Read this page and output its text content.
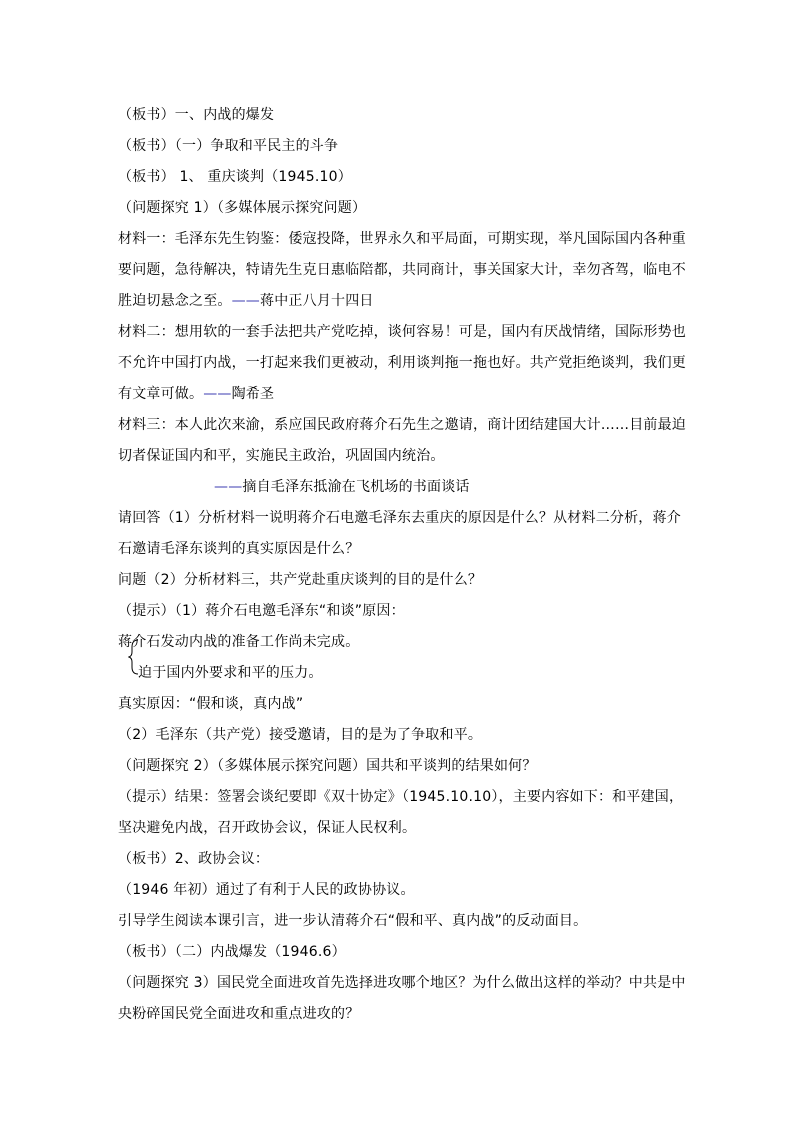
（板书）一、内战的爆发
（板书）（一）争取和平民主的斗争
（板书） 1、 重庆谈判（1945.10）
（问题探究 1）（多媒体展示探究问题）
材料一：毛泽东先生钧鉴：倭寇投降，世界永久和平局面，可期实现，举凡国际国内各种重
要问题，急待解决，特请先生克日惠临陪都，共同商计，事关国家大计，幸勿吝驾，临电不
胜迫切悬念之至。——蒋中正八月十四日
材料二：想用软的一套手法把共产党吃掉，谈何容易！可是，国内有厌战情绪，国际形势也
不允许中国打内战，一打起来我们更被动，利用谈判拖一拖也好。共产党拒绝谈判，我们更
有文章可做。——陶希圣
材料三：本人此次来渝，系应国民政府蒋介石先生之邀请，商计团结建国大计……目前最迫
切者保证国内和平，实施民主政治，巩固国内统治。
——摘自毛泽东抵渝在飞机场的书面谈话
请回答（1）分析材料一说明蒋介石电邀毛泽东去重庆的原因是什么？从材料二分析，蒋介
石邀请毛泽东谈判的真实原因是什么？
问题（2）分析材料三，共产党赴重庆谈判的目的是什么？
（提示）（1）蒋介石电邀毛泽东“和谈”原因：
蒋介石发动内战的准备工作尚未完成。
迫于国内外要求和平的压力。
真实原因：“假和谈，真内战”
（2）毛泽东（共产党）接受邀请，目的是为了争取和平。
（问题探究 2）（多媒体展示探究问题）国共和平谈判的结果如何？
（提示）结果：签署会谈纪要即《双十协定》（1945.10.10），主要内容如下：和平建国，
坚决避免内战，召开政协会议，保证人民权利。
（板书）2、政协会议：
（1946 年初）通过了有利于人民的政协协议。
引导学生阅读本课引言，进一步认清蒋介石“假和平、真内战”的反动面目。
（板书）（二）内战爆发（1946.6）
（问题探究 3）国民党全面进攻首先选择进攻哪个地区？为什么做出这样的举动？中共是中
央粉碎国民党全面进攻和重点进攻的？
